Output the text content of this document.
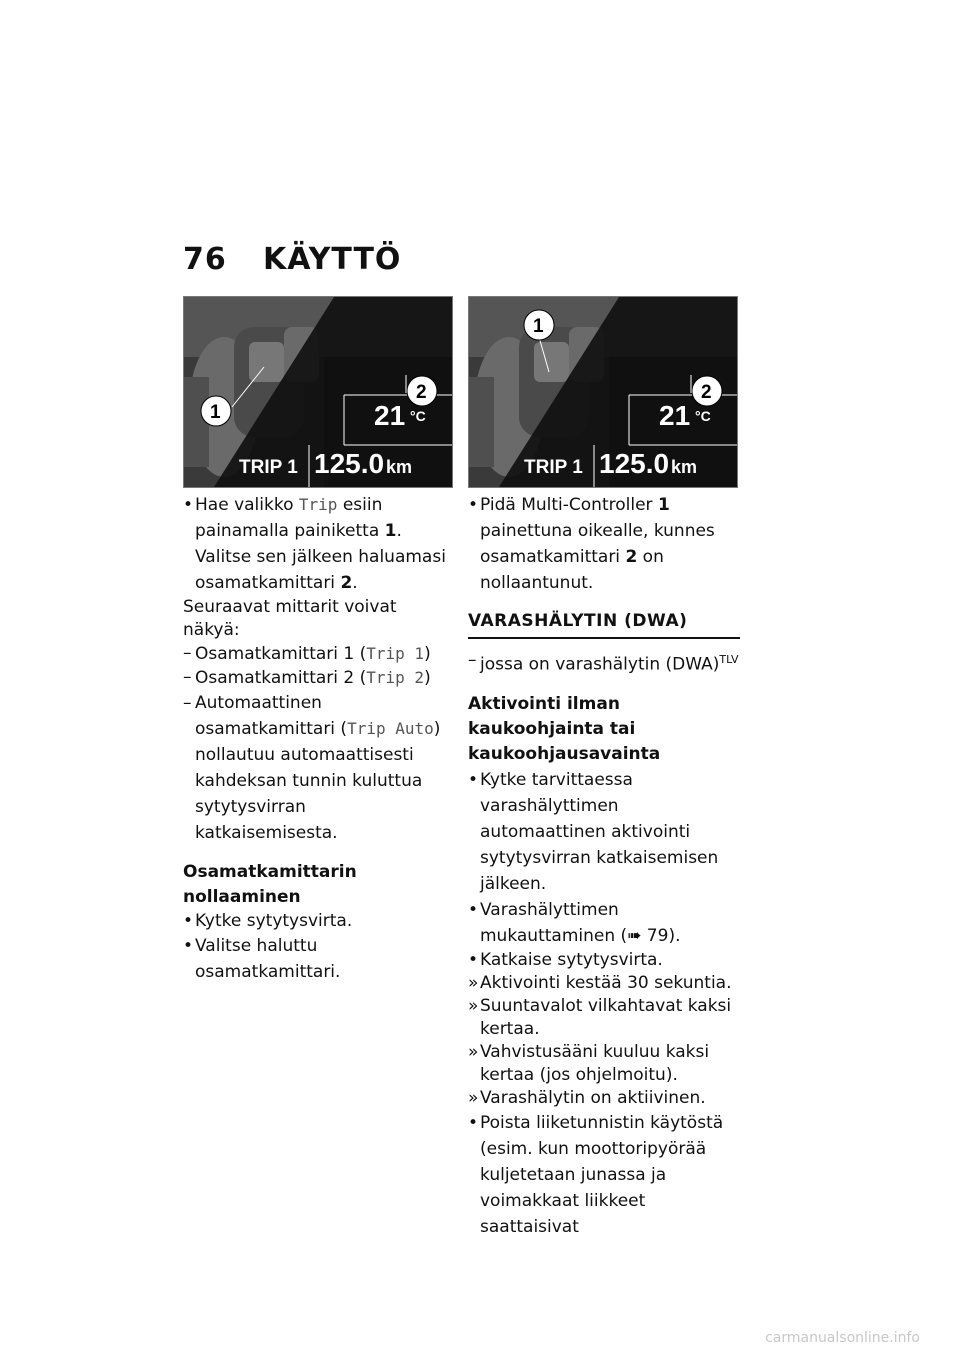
76 KÄYTTÖ
21 °C
TRIP 1 125.0 km
1
2
21 °C
TRIP 1 125.0 km
1
2

• Hae valikko Trip esiin painamalla painiketta 1. Valitse sen jälkeen haluamasi osamatkamittari 2.

Seuraavat mittarit voivat näkyä:

– Osamatkamittari 1 (Trip 1)

– Osamatkamittari 2 (Trip 2)

– Automaattinen osamatkamittari (Trip Auto) nollautuu automaattisesti kahdeksan tunnin kuluttua sytytysvirran katkaisemisesta.

Osamatkamittarin nollaaminen

• Kytke sytytysvirta.

• Valitse haluttu osamatkamittari.

• Pidä Multi-Controller 1 painettuna oikealle, kunnes osamatkamittari 2 on nollaantunut.

VARASHÄLYTIN (DWA)

– jossa on varashälytin (DWA)$^{TLV}$

Aktivointi ilman kaukoohjainta tai kaukoohjausavainta

• Kytke tarvittaessa varashälyttimen automaattinen aktivointi sytytysvirran katkaisemisen jälkeen.

• Varashälyttimen mukauttaminen (➠ 79).

• Katkaise sytytysvirta.

» Aktivointi kestää 30 sekuntia.

» Suuntavalot vilkahtavat kaksi kertaa.

» Vahvistusääni kuuluu kaksi kertaa (jos ohjelmoitu).

» Varashälytin on aktiivinen.

• Poista liiketunnistin käytöstä (esim. kun moottoripyörää kuljetetaan junassa ja voimakkaat liikkeet saattaisivat

carmanualsonline.info
